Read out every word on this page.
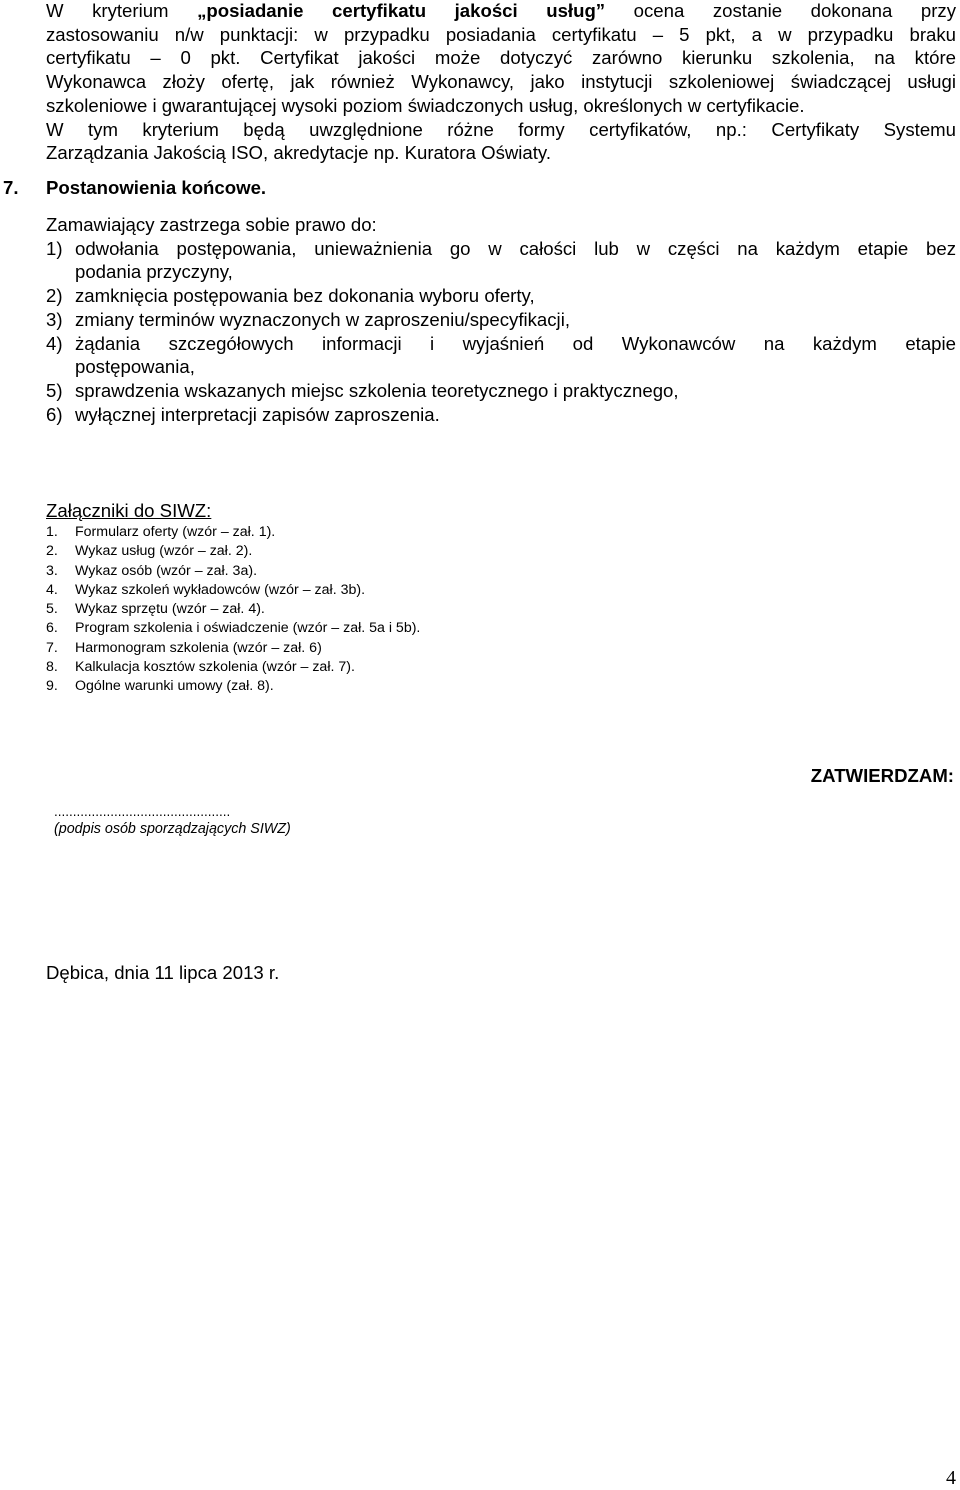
W kryterium „posiadanie certyfikatu jakości usług” ocena zostanie dokonana przy

zastosowaniu n/w punktacji: w przypadku posiadania certyfikatu – 5 pkt, a w przypadku braku

certyfikatu – 0 pkt. Certyfikat jakości może dotyczyć zarówno kierunku szkolenia, na które

Wykonawca złoży ofertę, jak również Wykonawcy, jako instytucji szkoleniowej świadczącej usługi

szkoleniowe i gwarantującej wysoki poziom świadczonych usług, określonych w certyfikacie.

W tym kryterium będą uwzględnione różne formy certyfikatów, np.: Certyfikaty Systemu

Zarządzania Jakością ISO, akredytacje np. Kuratora Oświaty.

7. Postanowienia końcowe.

Zamawiający zastrzega sobie prawo do:

1) odwołania postępowania, unieważnienia go w całości lub w części na każdym etapie bez
podania przyczyny,
2) zamknięcia postępowania bez dokonania wyboru oferty,
3) zmiany terminów wyznaczonych w zaproszeniu/specyfikacji,
4) żądania szczegółowych informacji i wyjaśnień od Wykonawców na każdym etapie
postępowania,
5) sprawdzenia wskazanych miejsc szkolenia teoretycznego i praktycznego,
6) wyłącznej interpretacji zapisów zaproszenia.
Załączniki do SIWZ:
1.	Formularz oferty (wzór – zał. 1).
2.	Wykaz usług (wzór – zał. 2).
3.	Wykaz osób (wzór – zał. 3a).
4.	Wykaz szkoleń wykładowców (wzór – zał. 3b).
5.	Wykaz sprzętu (wzór – zał. 4).
6.	Program szkolenia i oświadczenie (wzór – zał. 5a i 5b).
7.	Harmonogram szkolenia (wzór – zał. 6)
8.	Kalkulacja kosztów szkolenia (wzór – zał. 7).
9.	Ogólne warunki umowy (zał. 8).
ZATWIERDZAM:
...............................................
(podpis osób sporządzających SIWZ)
Dębica, dnia 11 lipca 2013 r.
4
